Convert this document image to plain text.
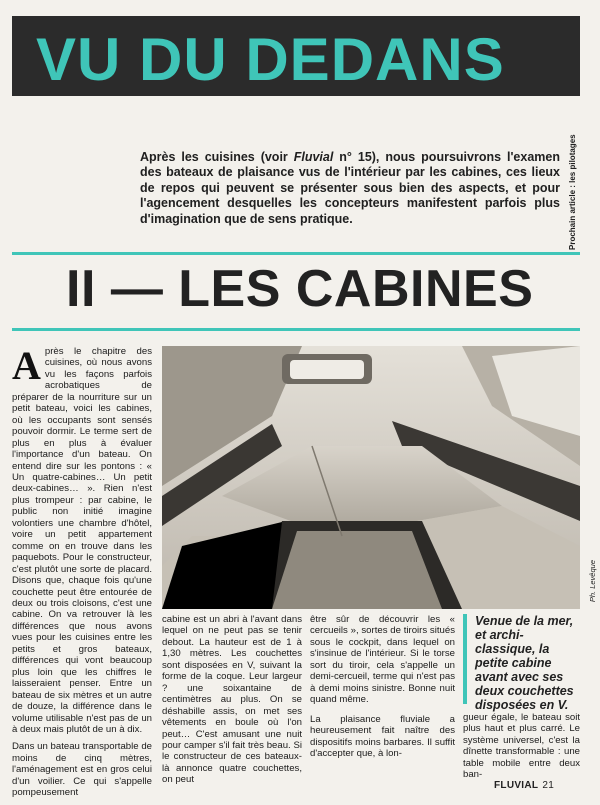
VU DU DEDANS
Prochain article : les pilotages
Après les cuisines (voir Fluvial n° 15), nous poursuivrons l'examen des bateaux de plaisance vus de l'intérieur par les cabines, ces lieux de repos qui peuvent se présenter sous bien des aspects, et pour l'agencement desquelles les concepteurs manifestent parfois plus d'imagination que de sens pratique.
II — LES CABINES

Après le chapitre des cuisines, où nous avons vu les façons parfois acrobatiques de préparer de la nourriture sur un petit bateau, voici les cabines, où les occupants sont sensés pouvoir dormir. Le terme sert de plus en plus à évaluer l'importance d'un bateau. On entend dire sur les pontons : « Un quatre-cabines… Un petit deux-cabines… ». Rien n'est plus trompeur : par cabine, le public non initié imagine volontiers une chambre d'hôtel, voire un petit appartement comme on en trouve dans les paquebots. Pour le constructeur, c'est plutôt une sorte de placard. Disons que, chaque fois qu'une couchette peut être entourée de deux ou trois cloisons, c'est une cabine. On va retrouver là les différences que nous avons vues pour les cuisines entre les petits et gros bateaux, différences qui vont beaucoup plus loin que les chiffres le laisseraient penser. Entre un bateau de six mètres et un autre de douze, la différence dans le volume utilisable n'est pas de un à deux mais plutôt de un à dix.

Dans un bateau transportable de moins de cinq mètres, l'aménagement est en gros celui d'un voilier. Ce qui s'appelle pompeusement

Ph. Levêque
cabine est un abri à l'avant dans lequel on ne peut pas se tenir debout. La hauteur est de 1 à 1,30 mètres. Les couchettes sont disposées en V, suivant la forme de la coque. Leur largeur ? une soixantaine de centimètres au plus. On se déshabille assis, on met ses vêtements en boule où l'on peut… C'est amusant une nuit pour camper s'il fait très beau. Si le constructeur de ces bateaux-là annonce quatre couchettes, on peut

être sûr de découvrir les « cercueils », sortes de tiroirs situés sous le cockpit, dans lequel on s'insinue de l'intérieur. Si le torse sort du tiroir, cela s'appelle un demi-cercueil, terme qui n'est pas à demi moins sinistre. Bonne nuit quand même.

La plaisance fluviale a heureusement fait naître des dispositifs moins barbares. Il suffit d'accepter que, à lon-

Venue de la mer, et archi-classique, la petite cabine avant avec ses deux couchettes disposées en V.
gueur égale, le bateau soit plus haut et plus carré. Le système universel, c'est la dînette transformable : une table mobile entre deux ban-
FLUVIAL 21
